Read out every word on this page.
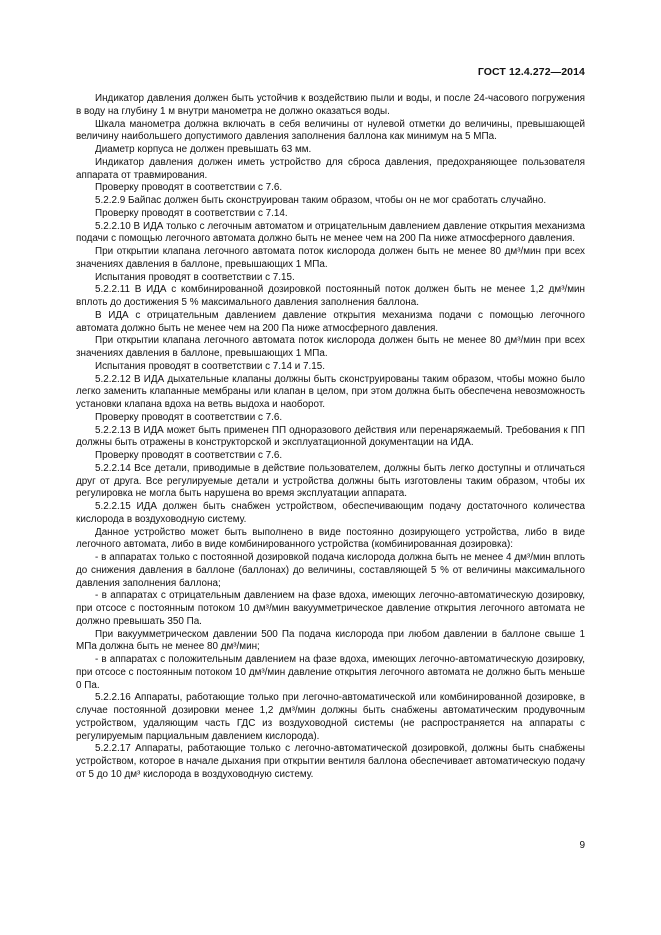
ГОСТ 12.4.272—2014

Индикатор давления должен быть устойчив к воздействию пыли и воды, и после 24-часового погружения в воду на глубину 1 м внутри манометра не должно оказаться воды.

Шкала манометра должна включать в себя величины от нулевой отметки до величины, превышающей величину наибольшего допустимого давления заполнения баллона как минимум на 5 МПа.

Диаметр корпуса не должен превышать 63 мм.

Индикатор давления должен иметь устройство для сброса давления, предохраняющее пользователя аппарата от травмирования.

Проверку проводят в соответствии с 7.6.

5.2.2.9 Байпас должен быть сконструирован таким образом, чтобы он не мог сработать случайно.

Проверку проводят в соответствии с 7.14.

5.2.2.10 В ИДА только с легочным автоматом и отрицательным давлением давление открытия механизма подачи с помощью легочного автомата должно быть не менее чем на 200 Па ниже атмосферного давления.

При открытии клапана легочного автомата поток кислорода должен быть не менее 80 дм³/мин при всех значениях давления в баллоне, превышающих 1 МПа.

Испытания проводят в соответствии с 7.15.

5.2.2.11 В ИДА с комбинированной дозировкой постоянный поток должен быть не менее 1,2 дм³/мин вплоть до достижения 5 % максимального давления заполнения баллона.

В ИДА с отрицательным давлением давление открытия механизма подачи с помощью легочного автомата должно быть не менее чем на 200 Па ниже атмосферного давления.

При открытии клапана легочного автомата поток кислорода должен быть не менее 80 дм³/мин при всех значениях давления в баллоне, превышающих 1 МПа.

Испытания проводят в соответствии с 7.14 и 7.15.

5.2.2.12 В ИДА дыхательные клапаны должны быть сконструированы таким образом, чтобы можно было легко заменить клапанные мембраны или клапан в целом, при этом должна быть обеспечена невозможность установки клапана вдоха на ветвь выдоха и наоборот.

Проверку проводят в соответствии с 7.6.

5.2.2.13 В ИДА может быть применен ПП одноразового действия или перенаряжаемый. Требования к ПП должны быть отражены в конструкторской и эксплуатационной документации на ИДА.

Проверку проводят в соответствии с 7.6.

5.2.2.14 Все детали, приводимые в действие пользователем, должны быть легко доступны и отличаться друг от друга. Все регулируемые детали и устройства должны быть изготовлены таким образом, чтобы их регулировка не могла быть нарушена во время эксплуатации аппарата.

5.2.2.15 ИДА должен быть снабжен устройством, обеспечивающим подачу достаточного количества кислорода в воздуховодную систему.

Данное устройство может быть выполнено в виде постоянно дозирующего устройства, либо в виде легочного автомата, либо в виде комбинированного устройства (комбинированная дозировка):

- в аппаратах только с постоянной дозировкой подача кислорода должна быть не менее 4 дм³/мин вплоть до снижения давления в баллоне (баллонах) до величины, составляющей 5 % от величины максимального давления заполнения баллона;

- в аппаратах с отрицательным давлением на фазе вдоха, имеющих легочно-автоматическую дозировку, при отсосе с постоянным потоком 10 дм³/мин вакуумметрическое давление открытия легочного автомата не должно превышать 350 Па.

При вакуумметрическом давлении 500 Па подача кислорода при любом давлении в баллоне свыше 1 МПа должна быть не менее 80 дм³/мин;

- в аппаратах с положительным давлением на фазе вдоха, имеющих легочно-автоматическую дозировку, при отсосе с постоянным потоком 10 дм³/мин давление открытия легочного автомата не должно быть меньше 0 Па.

5.2.2.16 Аппараты, работающие только при легочно-автоматической или комбинированной дозировке, в случае постоянной дозировки менее 1,2 дм³/мин должны быть снабжены автоматическим продувочным устройством, удаляющим часть ГДС из воздуховодной системы (не распространяется на аппараты с регулируемым парциальным давлением кислорода).

5.2.2.17 Аппараты, работающие только с легочно-автоматической дозировкой, должны быть снабжены устройством, которое в начале дыхания при открытии вентиля баллона обеспечивает автоматическую подачу от 5 до 10 дм³ кислорода в воздуховодную систему.

9
